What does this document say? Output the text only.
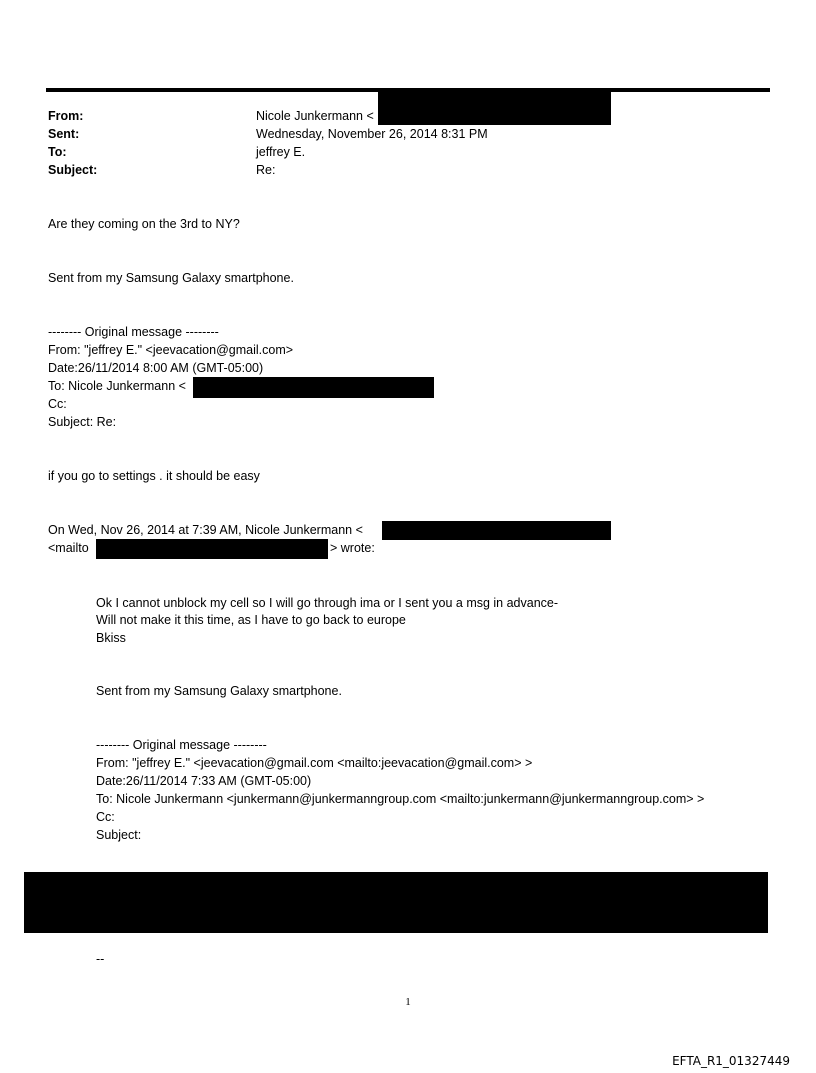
From:	Nicole Junkermann <
Sent:	Wednesday, November 26, 2014 8:31 PM
To:	jeffrey E.
Subject:	Re:
Are they coming on the 3rd to NY?
Sent from my Samsung Galaxy smartphone.
-------- Original message --------
From: "jeffrey E." <jeevacation@gmail.com>
Date:26/11/2014 8:00 AM (GMT-05:00)
To: Nicole Junkermann <
Cc:
Subject: Re:
if you go to settings . it should be easy
On Wed, Nov 26, 2014 at 7:39 AM, Nicole Junkermann <
<mailto	> wrote:
Ok I cannot unblock my cell so I will go through ima or I sent you a msg in advance-
Will not make it this time, as I have to go back to europe
Bkiss
Sent from my Samsung Galaxy smartphone.
-------- Original message --------
From: "jeffrey E." <jeevacation@gmail.com <mailto:jeevacation@gmail.com> >
Date:26/11/2014 7:33 AM (GMT-05:00)
To: Nicole Junkermann <junkermann@junkermanngroup.com <mailto:junkermann@junkermanngroup.com> >
Cc:
Subject:
--
1
EFTA_R1_01327449
